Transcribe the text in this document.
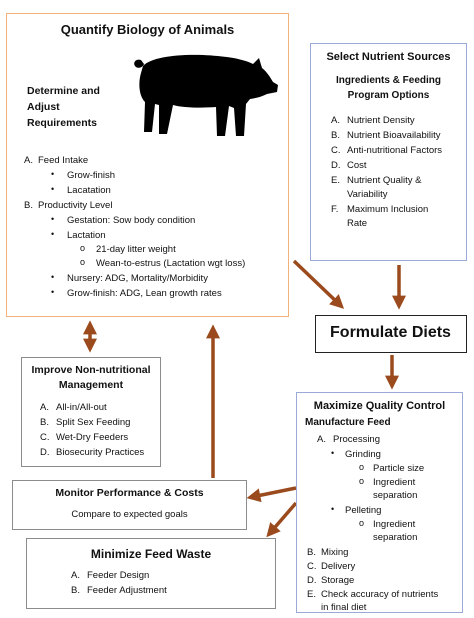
Quantify Biology of Animals
Determine and
Adjust
Requirements
A. Feed Intake
• Grow-finish
• Lacatation
B. Productivity Level
• Gestation: Sow body condition
• Lactation
o 21-day litter weight
o Wean-to-estrus (Lactation wgt loss)
• Nursery: ADG, Mortality/Morbidity
• Grow-finish: ADG, Lean growth rates
Select Nutrient Sources
Ingredients & Feeding
Program Options
A. Nutrient Density
B. Nutrient Bioavailability
C. Anti-nutritional Factors
D. Cost
E. Nutrient Quality &
Variability
F. Maximum Inclusion
Rate
Formulate Diets
Improve Non-nutritional
Management
A. All-in/All-out
B. Split Sex Feeding
C. Wet-Dry Feeders
D. Biosecurity Practices
Maximize Quality Control
Manufacture Feed
A. Processing
• Grinding
o Particle size
o Ingredient
separation
• Pelleting
o Ingredient
separation
B. Mixing
C. Delivery
D. Storage
E. Check accuracy of nutrients
in final diet
Monitor Performance & Costs
Compare to expected goals
Minimize Feed Waste
A. Feeder Design
B. Feeder Adjustment
